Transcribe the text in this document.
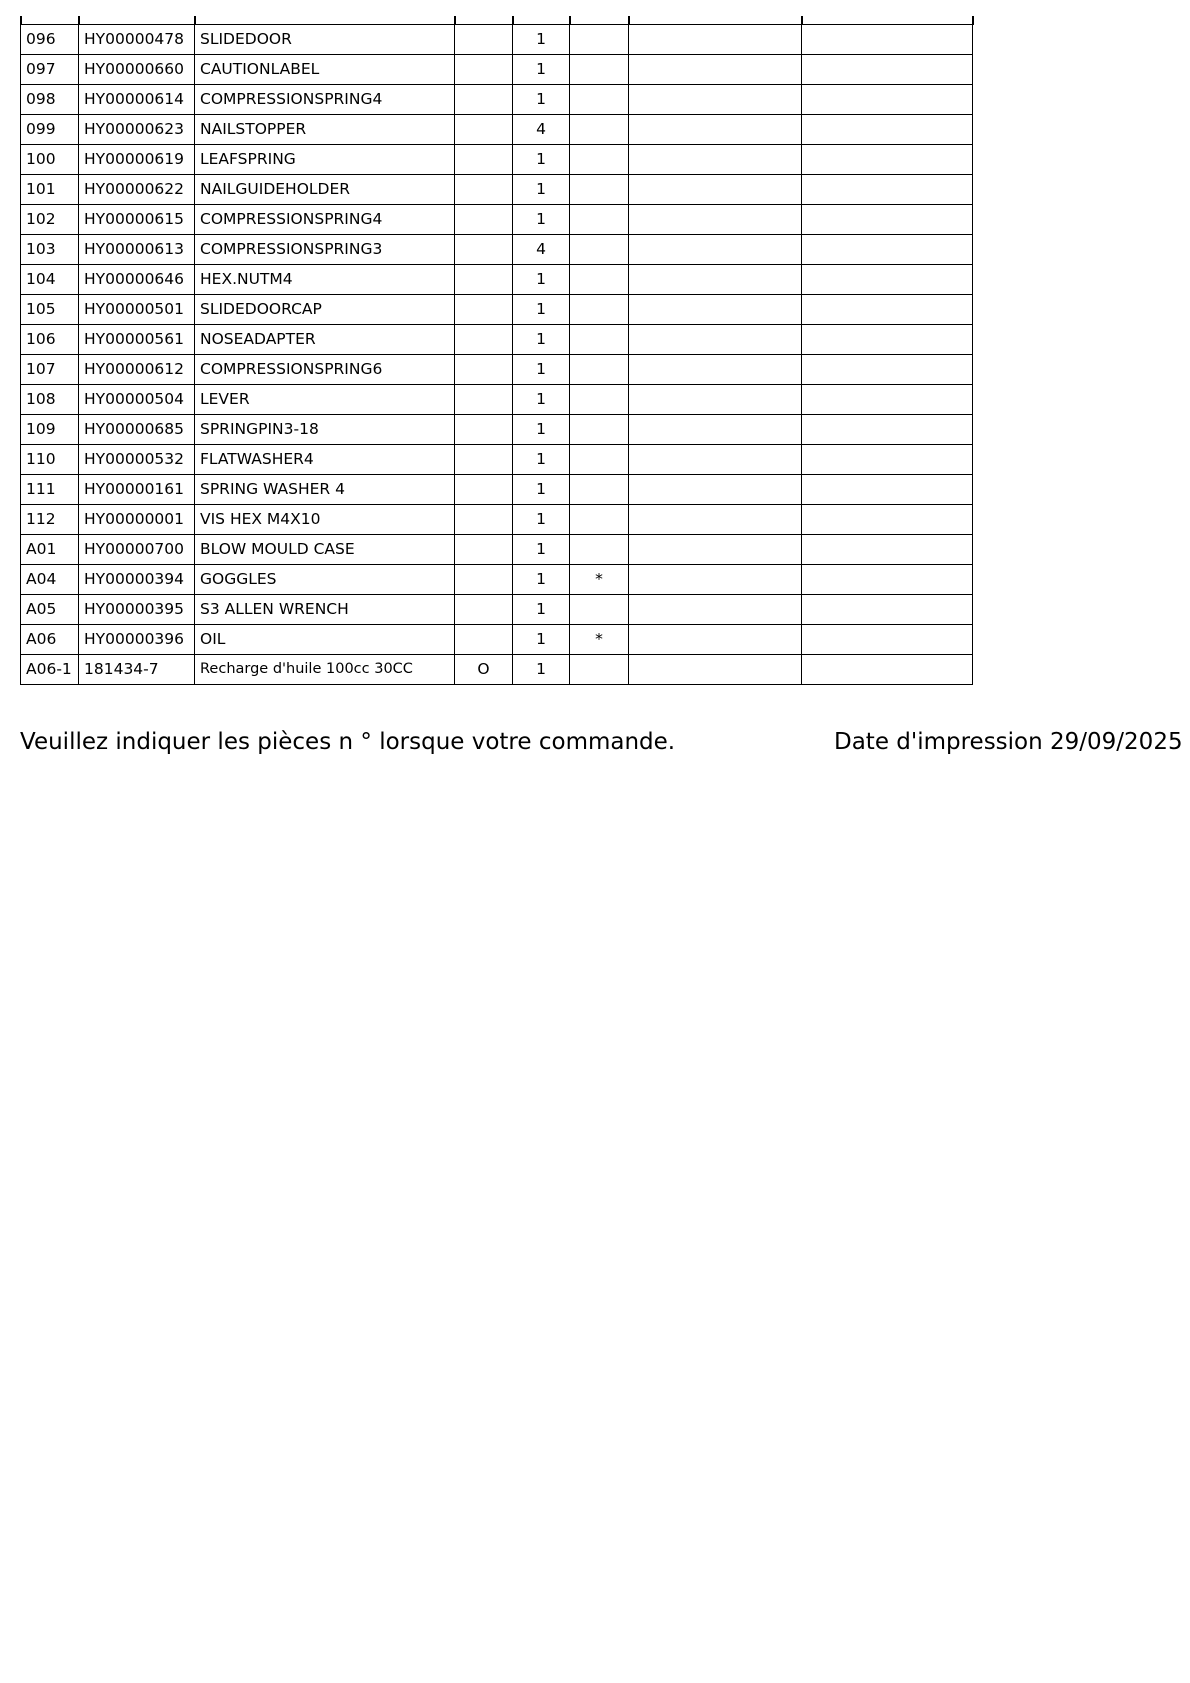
096	HY00000478	SLIDEDOOR		1			
097	HY00000660	CAUTIONLABEL		1			
098	HY00000614	COMPRESSIONSPRING4		1			
099	HY00000623	NAILSTOPPER		4			
100	HY00000619	LEAFSPRING		1			
101	HY00000622	NAILGUIDEHOLDER		1			
102	HY00000615	COMPRESSIONSPRING4		1			
103	HY00000613	COMPRESSIONSPRING3		4			
104	HY00000646	HEX.NUTM4		1			
105	HY00000501	SLIDEDOORCAP		1			
106	HY00000561	NOSEADAPTER		1			
107	HY00000612	COMPRESSIONSPRING6		1			
108	HY00000504	LEVER		1			
109	HY00000685	SPRINGPIN3-18		1			
110	HY00000532	FLATWASHER4		1			
111	HY00000161	SPRING WASHER 4		1			
112	HY00000001	VIS HEX M4X10		1			
A01	HY00000700	BLOW MOULD CASE		1			
A04	HY00000394	GOGGLES		1	*		
A05	HY00000395	S3 ALLEN WRENCH		1			
A06	HY00000396	OIL		1	*		
A06-1	181434-7	Recharge d'huile 100cc 30CC	O	1			
Veuillez indiquer les pièces n ° lorsque votre commande.	Date d'impression 29/09/2025
